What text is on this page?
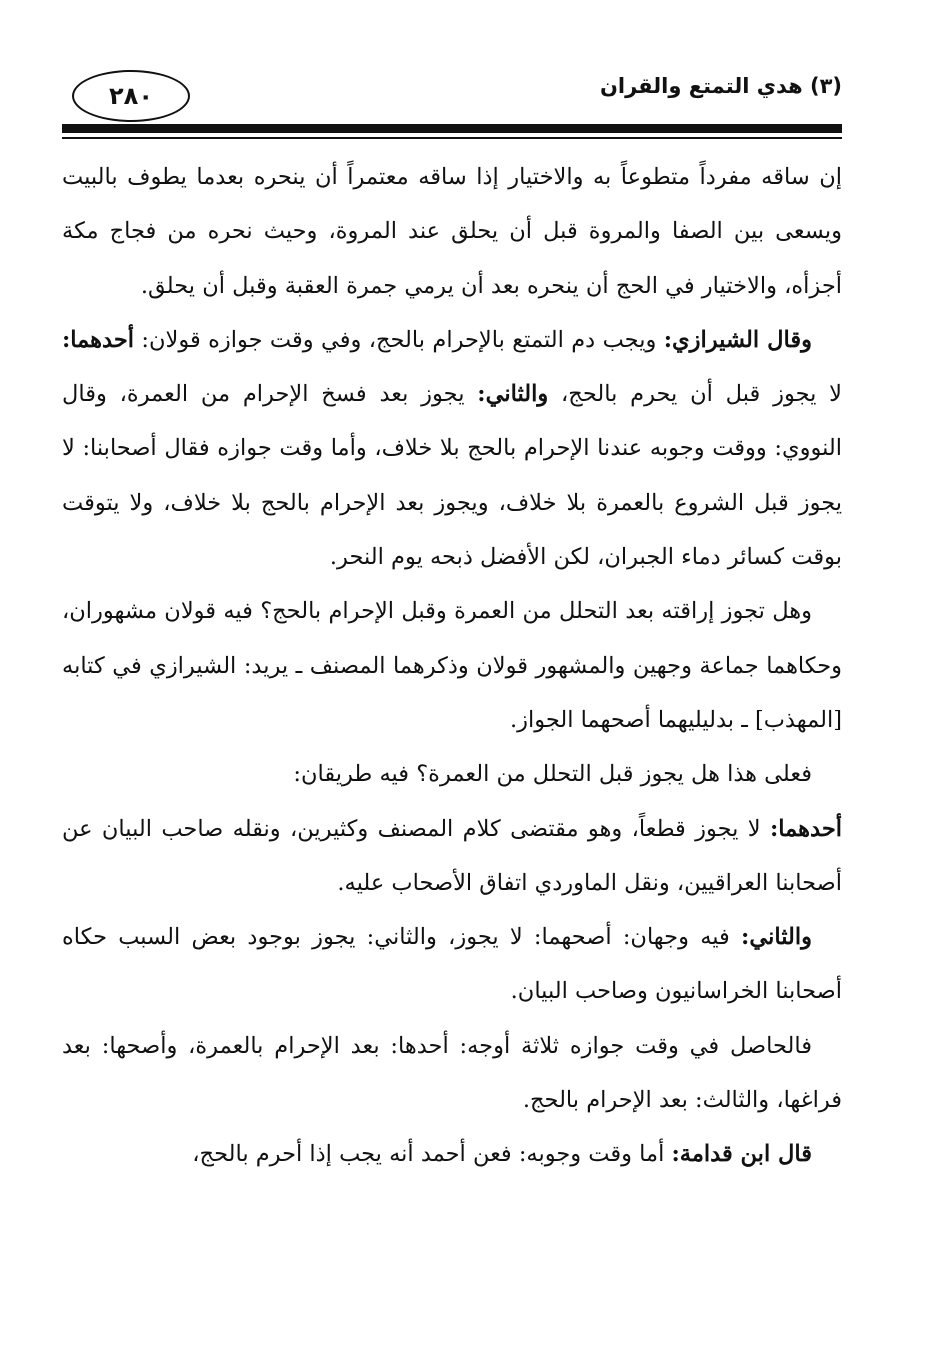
٢٨٠	(٣) هدي التمتع والقران

إن ساقه مفرداً متطوعاً به والاختيار إذا ساقه معتمراً أن ينحره بعدما يطوف بالبيت ويسعى بين الصفا والمروة قبل أن يحلق عند المروة، وحيث نحره من فجاج مكة أجزأه، والاختيار في الحج أن ينحره بعد أن يرمي جمرة العقبة وقبل أن يحلق.

وقال الشيرازي: ويجب دم التمتع بالإحرام بالحج، وفي وقت جوازه قولان: أحدهما: لا يجوز قبل أن يحرم بالحج، والثاني: يجوز بعد فسخ الإحرام من العمرة، وقال النووي: ووقت وجوبه عندنا الإحرام بالحج بلا خلاف، وأما وقت جوازه فقال أصحابنا: لا يجوز قبل الشروع بالعمرة بلا خلاف، ويجوز بعد الإحرام بالحج بلا خلاف، ولا يتوقت بوقت كسائر دماء الجبران، لكن الأفضل ذبحه يوم النحر.

وهل تجوز إراقته بعد التحلل من العمرة وقبل الإحرام بالحج؟ فيه قولان مشهوران، وحكاهما جماعة وجهين والمشهور قولان وذكرهما المصنف ـ يريد: الشيرازي في كتابه [المهذب] ـ بدليليهما أصحهما الجواز.

فعلى هذا هل يجوز قبل التحلل من العمرة؟ فيه طريقان:

أحدهما: لا يجوز قطعاً، وهو مقتضى كلام المصنف وكثيرين، ونقله صاحب البيان عن أصحابنا العراقيين، ونقل الماوردي اتفاق الأصحاب عليه.

والثاني: فيه وجهان: أصحهما: لا يجوز، والثاني: يجوز بوجود بعض السبب حكاه أصحابنا الخراسانيون وصاحب البيان.

فالحاصل في وقت جوازه ثلاثة أوجه: أحدها: بعد الإحرام بالعمرة، وأصحها: بعد فراغها، والثالث: بعد الإحرام بالحج.

قال ابن قدامة: أما وقت وجوبه: فعن أحمد أنه يجب إذا أحرم بالحج،
